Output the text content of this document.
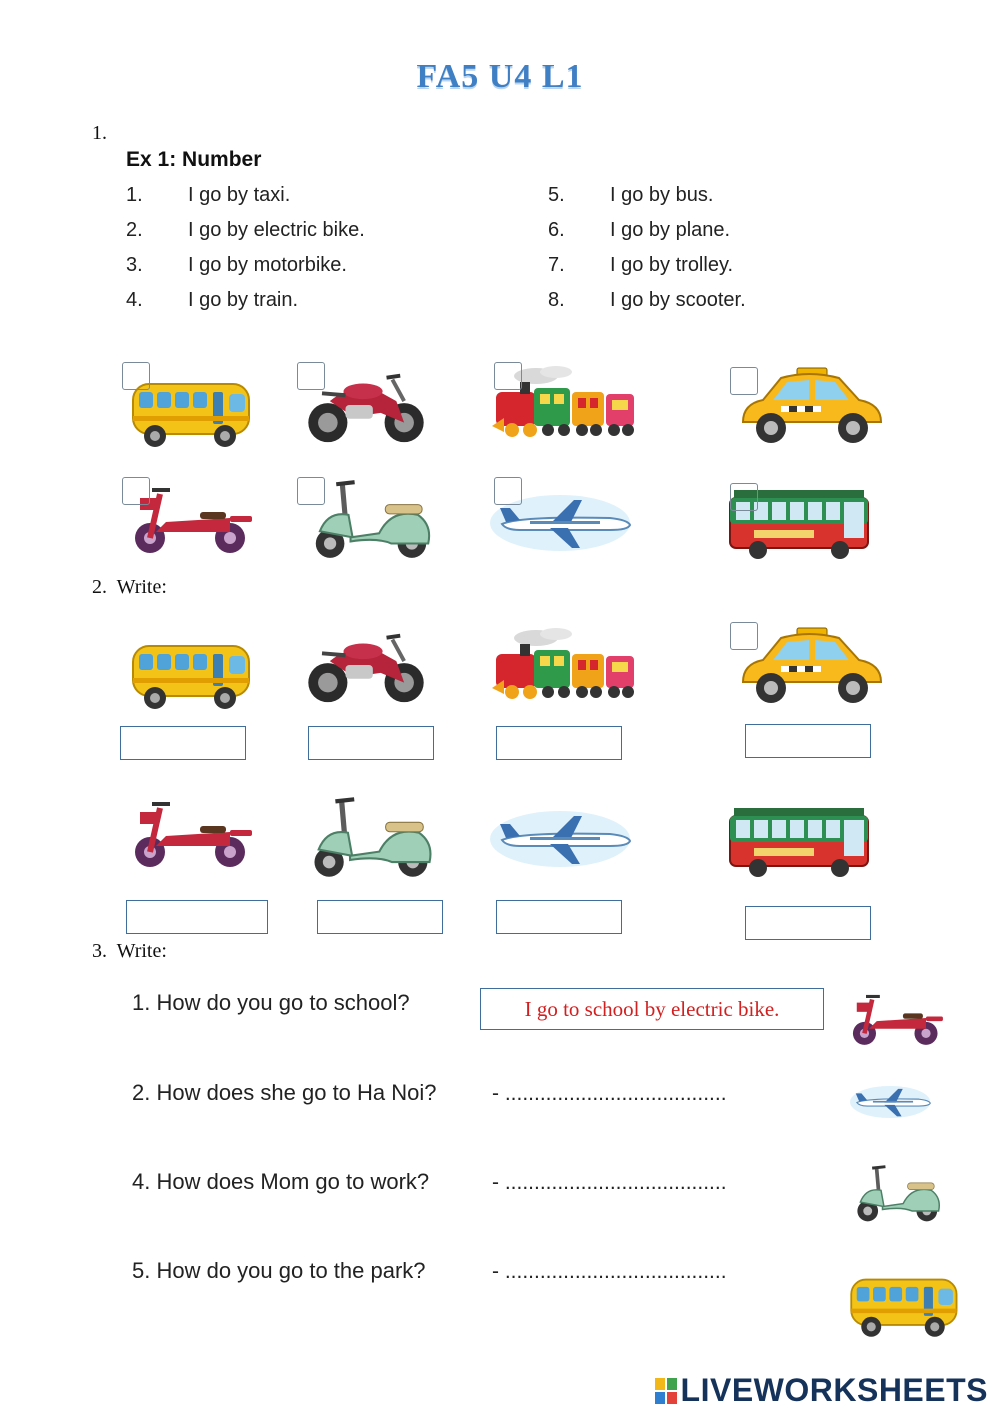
FA5 U4 L1
1.
Ex 1: Number
1. I go by taxi.
2. I go by electric bike.
3. I go by motorbike.
4. I go by train.
5. I go by bus.
6. I go by plane.
7. I go by trolley.
8. I go by scooter.
2. Write:
3. Write:
1. How do you go to school?	I go to school by electric bike.
2. How does she go to Ha Noi?	- ......................................
4. How does Mom go to work?	- ......................................
5. How do you go to the park?	- ......................................
LIVEWORKSHEETS
